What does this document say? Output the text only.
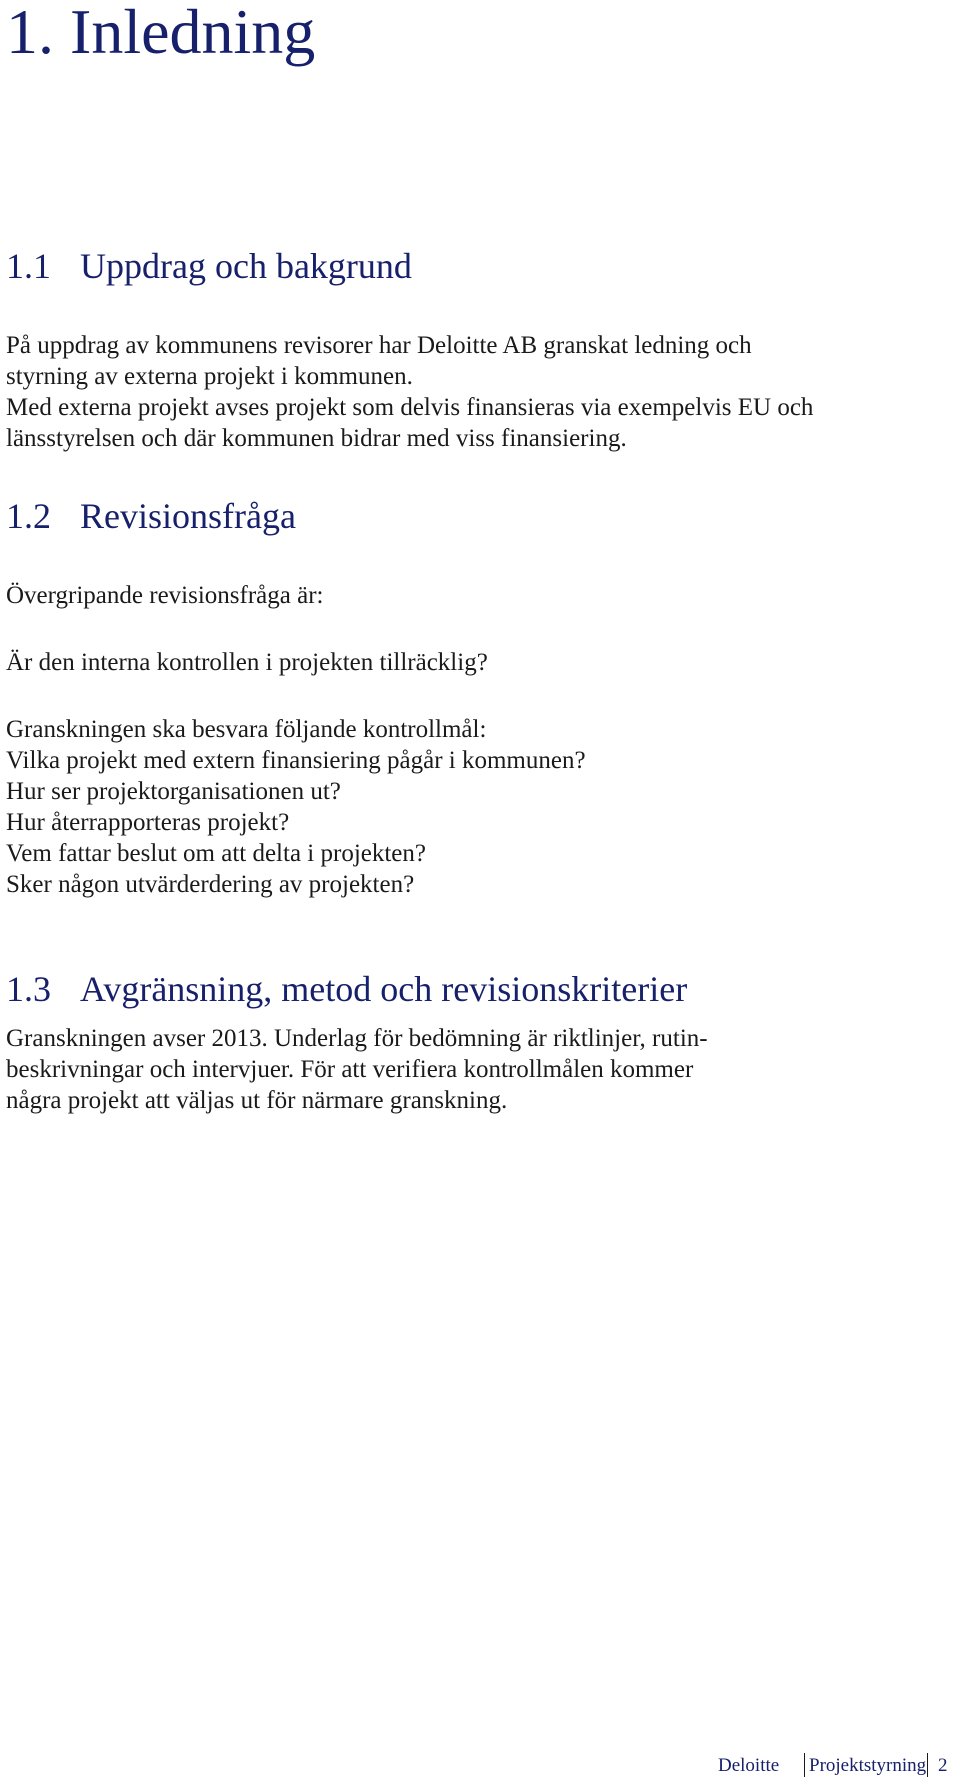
1. Inledning
1.1 Uppdrag och bakgrund
På uppdrag av kommunens revisorer har Deloitte AB granskat ledning och
styrning av externa projekt i kommunen.
Med externa projekt avses projekt som delvis finansieras via exempelvis EU och
länsstyrelsen och där kommunen bidrar med viss finansiering.
1.2 Revisionsfråga

Övergripande revisionsfråga är:

Är den interna kontrollen i projekten tillräcklig?

Granskningen ska besvara följande kontrollmål:
Vilka projekt med extern finansiering pågår i kommunen?
Hur ser projektorganisationen ut?
Hur återrapporteras projekt?
Vem fattar beslut om att delta i projekten?
Sker någon utvärderdering av projekten?
1.3 Avgränsning, metod och revisionskriterier
Granskningen avser 2013. Underlag för bedömning är riktlinjer, rutin-
beskrivningar och intervjuer. För att verifiera kontrollmålen kommer
några projekt att väljas ut för närmare granskning.
Deloitte Projektstyrning 2
